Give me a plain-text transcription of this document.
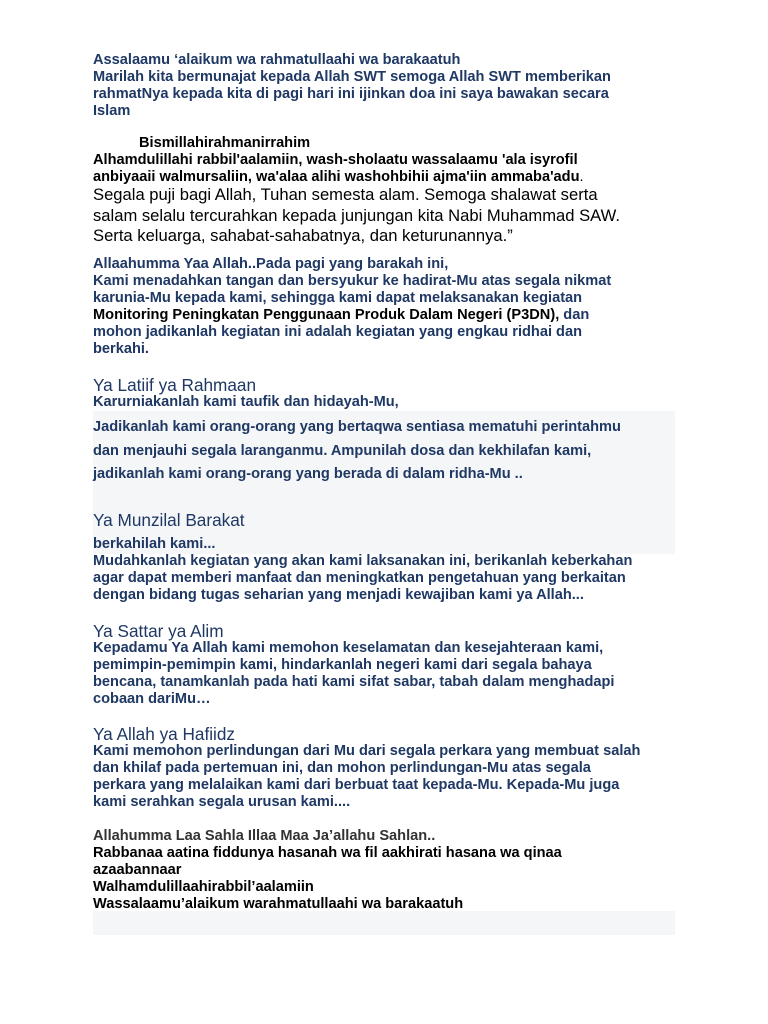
Assalaamu ‘alaikum wa rahmatullaahi wa barakaatuh
Marilah kita bermunajat kepada Allah SWT semoga Allah SWT memberikan
rahmatNya kepada kita di pagi hari ini ijinkan doa ini saya bawakan secara
Islam
Bismillahirahmanirrahim
Alhamdulillahi rabbil'aalamiin, wash-sholaatu wassalaamu 'ala isyrofil
anbiyaaii walmursaliin, wa'alaa alihi washohbihii ajma'iin ammaba'adu.
Segala puji bagi Allah, Tuhan semesta alam. Semoga shalawat serta
salam selalu tercurahkan kepada junjungan kita Nabi Muhammad SAW.
Serta keluarga, sahabat-sahabatnya, dan keturunannya.”
Allaahumma Yaa Allah..Pada pagi yang barakah ini,
Kami menadahkan tangan dan bersyukur ke hadirat-Mu atas segala nikmat
karunia-Mu kepada kami, sehingga kami dapat melaksanakan kegiatan
Monitoring Peningkatan Penggunaan Produk Dalam Negeri (P3DN), dan
mohon jadikanlah kegiatan ini adalah kegiatan yang engkau ridhai dan
berkahi.
Ya Latiif ya Rahmaan
Karurniakanlah kami taufik dan hidayah-Mu,
Jadikanlah kami orang-orang yang bertaqwa sentiasa mematuhi perintahmu
dan menjauhi segala laranganmu. Ampunilah dosa dan kekhilafan kami,
jadikanlah kami orang-orang yang berada di dalam ridha-Mu ..
Ya Munzilal Barakat
berkahilah kami...
Mudahkanlah kegiatan yang akan kami laksanakan ini, berikanlah keberkahan
agar dapat memberi manfaat dan meningkatkan pengetahuan yang berkaitan
dengan bidang tugas seharian yang menjadi kewajiban kami ya Allah...
Ya Sattar ya Alim
Kepadamu Ya Allah kami memohon keselamatan dan kesejahteraan kami,
pemimpin-pemimpin kami, hindarkanlah negeri kami dari segala bahaya
bencana, tanamkanlah pada hati kami sifat sabar, tabah dalam menghadapi
cobaan dariMu…
Ya Allah ya Hafiidz
Kami memohon perlindungan dari Mu dari segala perkara yang membuat salah
dan khilaf pada pertemuan ini, dan mohon perlindungan-Mu atas segala
perkara yang melalaikan kami dari berbuat taat kepada-Mu. Kepada-Mu juga
kami serahkan segala urusan kami....
Allahumma Laa Sahla Illaa Maa Ja’allahu Sahlan..
Rabbanaa aatina fiddunya hasanah wa fil aakhirati hasana wa qinaa
azaabannaar
Walhamdulillaahirabbil’aalamiin
Wassalaamu’alaikum warahmatullaahi wa barakaatuh
